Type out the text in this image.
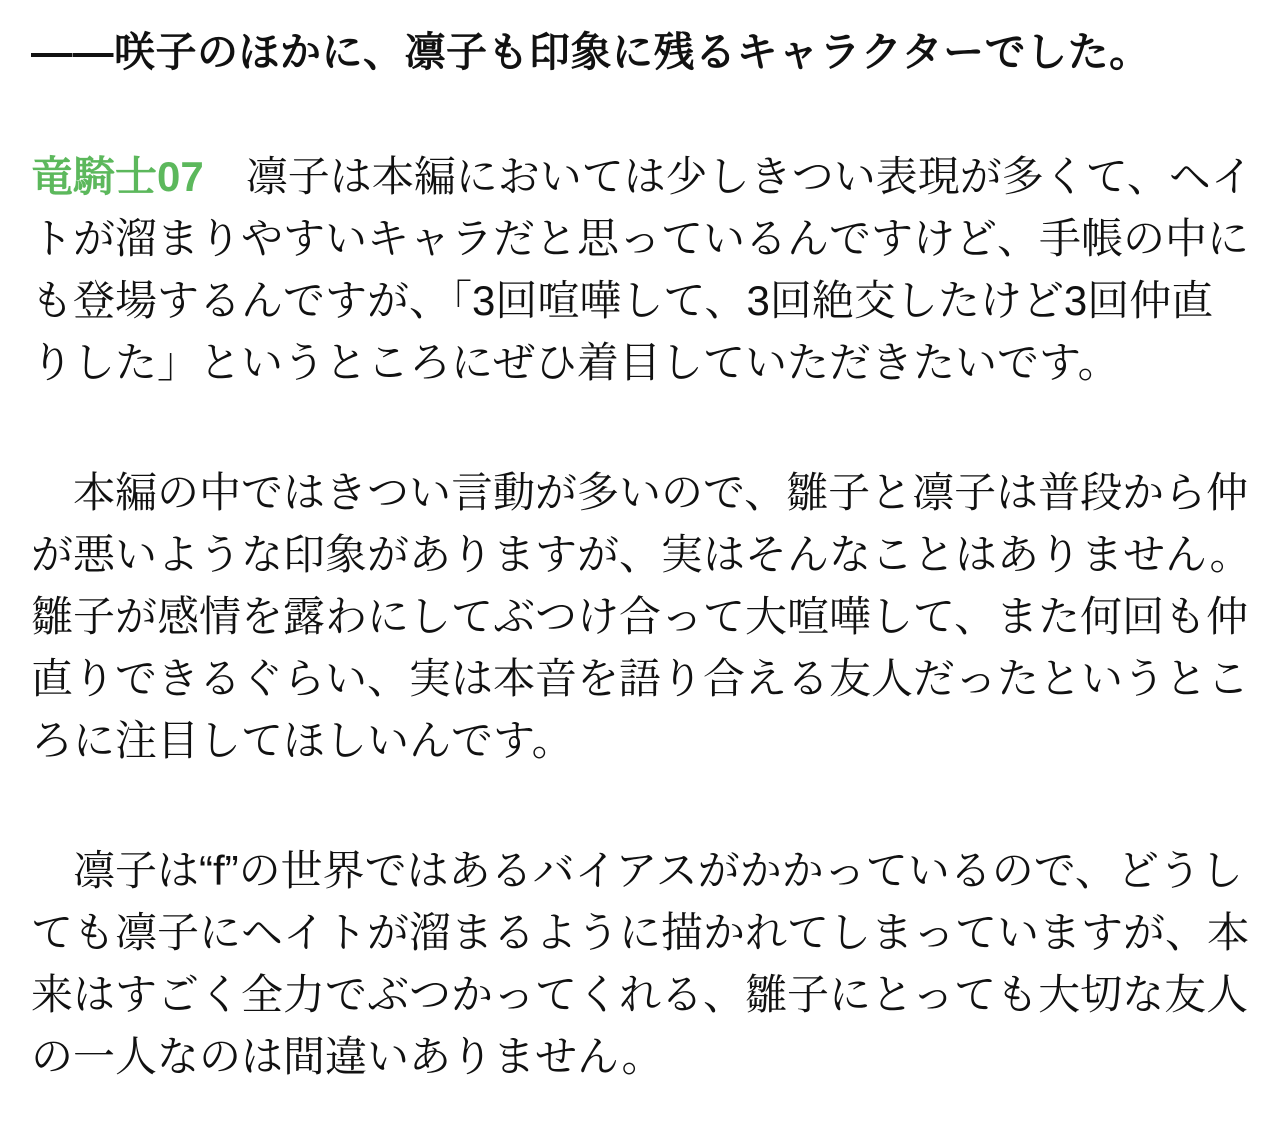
——咲子のほかに、凛子も印象に残るキャラクターでした。
竜騎士07　凛子は本編においては少しきつい表現が多くて、ヘイ
トが溜まりやすいキャラだと思っているんですけど、手帳の中に
も登場するんですが、「3回喧嘩して、3回絶交したけど3回仲直
りした」というところにぜひ着目していただきたいです。
　本編の中ではきつい言動が多いので、雛子と凛子は普段から仲
が悪いような印象がありますが、実はそんなことはありません。
雛子が感情を露わにしてぶつけ合って大喧嘩して、また何回も仲
直りできるぐらい、実は本音を語り合える友人だったというとこ
ろに注目してほしいんです。
　凛子は“f”の世界ではあるバイアスがかかっているので、どうし
ても凛子にヘイトが溜まるように描かれてしまっていますが、本
来はすごく全力でぶつかってくれる、雛子にとっても大切な友人
の一人なのは間違いありません。
